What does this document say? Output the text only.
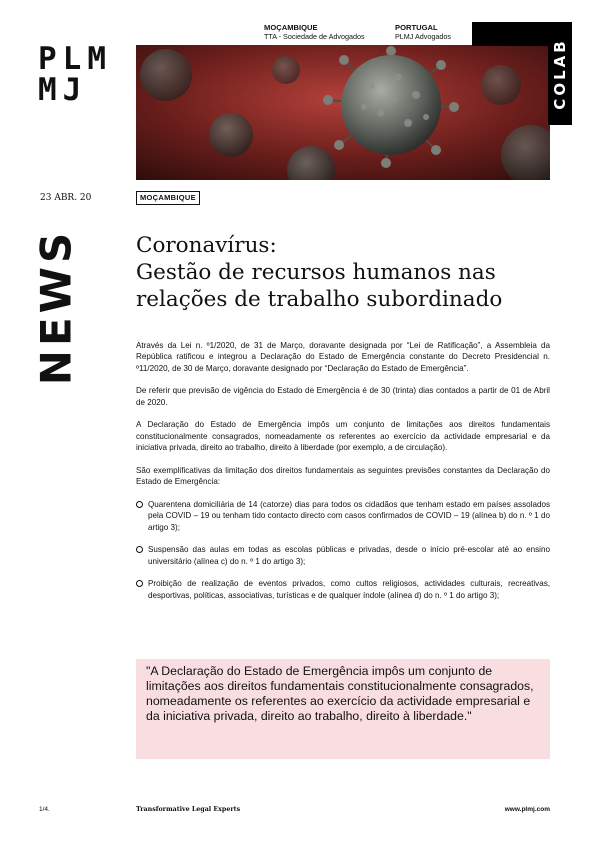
PLM
MJ
MOÇAMBIQUE
TTA - Sociedade de Advogados
PORTUGAL
PLMJ Advogados
COLAB
23 ABR. 20	MOÇAMBIQUE
NEWS	Coronavírus:
Gestão de recursos humanos nas
relações de trabalho subordinado

Através da Lei n. º1/2020, de 31 de Março, doravante designada por “Lei de Ratificação”, a Assembleia da República ratificou e integrou a Declaração do Estado de Emergência constante do Decreto Presidencial n. º11/2020, de 30 de Março, doravante designado por “Declaração do Estado de Emergência”.

De referir que previsão de vigência do Estado de Emergência é de 30 (trinta) dias contados a partir de 01 de Abril de 2020.

A Declaração do Estado de Emergência impôs um conjunto de limitações aos direitos fundamentais constitucionalmente consagrados, nomeadamente os referentes ao exercício da actividade empresarial e da iniciativa privada, direito ao trabalho, direito à liberdade (por exemplo, a de circulação).

São exemplificativas da limitação dos direitos fundamentais as seguintes previsões constantes da Declaração do Estado de Emergência:

Quarentena domiciliária de 14 (catorze) dias para todos os cidadãos que tenham estado em países assolados pela COVID – 19 ou tenham tido contacto directo com casos confirmados de COVID – 19 (alínea b) do n. º 1 do artigo 3);
Suspensão das aulas em todas as escolas públicas e privadas, desde o início pré-escolar até ao ensino universitário (alínea c) do n. º 1 do artigo 3);
Proibição de realização de eventos privados, como cultos religiosos, actividades culturais, recreativas, desportivas, políticas, associativas, turísticas e de qualquer índole (alínea d) do n. º 1 do artigo 3);
"A Declaração do Estado de Emergência impôs um conjunto de limitações aos direitos fundamentais constitucionalmente consagrados, nomeadamente os referentes ao exercício da actividade empresarial e da iniciativa privada, direito ao trabalho, direito à liberdade."
1/4.	Transformative Legal Experts	www.plmj.com
